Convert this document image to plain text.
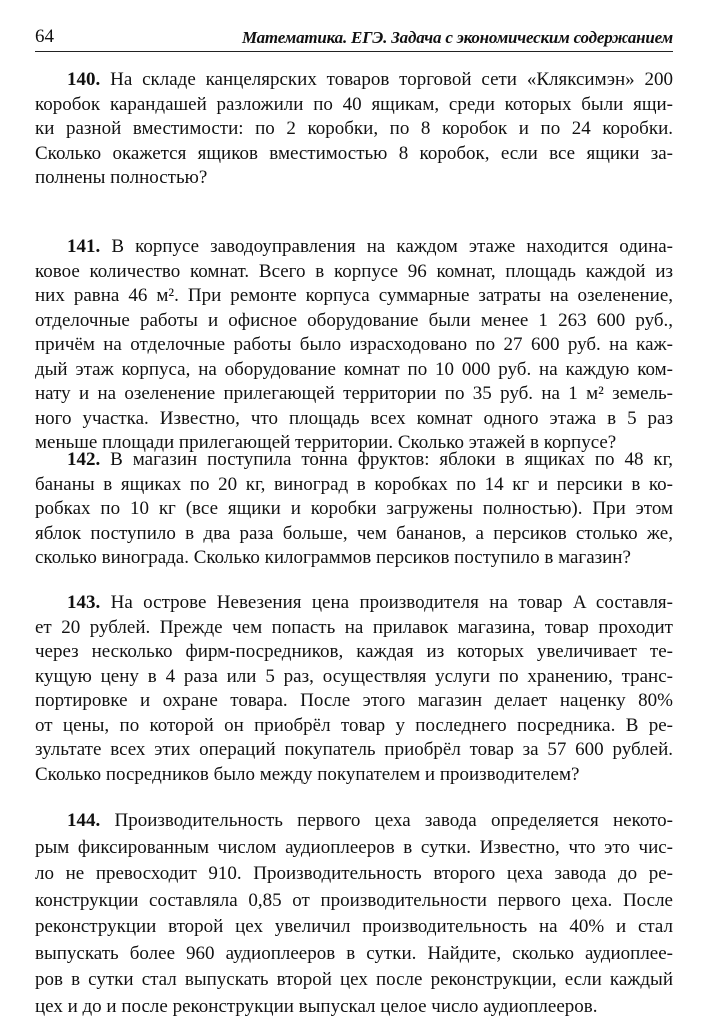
64	Математика. ЕГЭ. Задача с экономическим содержанием
140. На складе канцелярских товаров торговой сети «Кляксимэн» 200
коробок карандашей разложили по 40 ящикам, среди которых были ящи-
ки разной вместимости: по 2 коробки, по 8 коробок и по 24 коробки.
Сколько окажется ящиков вместимостью 8 коробок, если все ящики за-
полнены полностью?
141. В корпусе заводоуправления на каждом этаже находится одина-
ковое количество комнат. Всего в корпусе 96 комнат, площадь каждой из
них равна 46 м². При ремонте корпуса суммарные затраты на озеленение,
отделочные работы и офисное оборудование были менее 1 263 600 руб.,
причём на отделочные работы было израсходовано по 27 600 руб. на каж-
дый этаж корпуса, на оборудование комнат по 10 000 руб. на каждую ком-
нату и на озеленение прилегающей территории по 35 руб. на 1 м² земель-
ного участка. Известно, что площадь всех комнат одного этажа в 5 раз
меньше площади прилегающей территории. Сколько этажей в корпусе?
142. В магазин поступила тонна фруктов: яблоки в ящиках по 48 кг,
бананы в ящиках по 20 кг, виноград в коробках по 14 кг и персики в ко-
робках по 10 кг (все ящики и коробки загружены полностью). При этом
яблок поступило в два раза больше, чем бананов, а персиков столько же,
сколько винограда. Сколько килограммов персиков поступило в магазин?
143. На острове Невезения цена производителя на товар A составля-
ет 20 рублей. Прежде чем попасть на прилавок магазина, товар проходит
через несколько фирм-посредников, каждая из которых увеличивает те-
кущую цену в 4 раза или 5 раз, осуществляя услуги по хранению, транс-
портировке и охране товара. После этого магазин делает наценку 80%
от цены, по которой он приобрёл товар у последнего посредника. В ре-
зультате всех этих операций покупатель приобрёл товар за 57 600 рублей.
Сколько посредников было между покупателем и производителем?
144. Производительность первого цеха завода определяется некото-
рым фиксированным числом аудиоплееров в сутки. Известно, что это чис-
ло не превосходит 910. Производительность второго цеха завода до ре-
конструкции составляла 0,85 от производительности первого цеха. После
реконструкции второй цех увеличил производительность на 40% и стал
выпускать более 960 аудиоплееров в сутки. Найдите, сколько аудиоплее-
ров в сутки стал выпускать второй цех после реконструкции, если каждый
цех и до и после реконструкции выпускал целое число аудиоплееров.
